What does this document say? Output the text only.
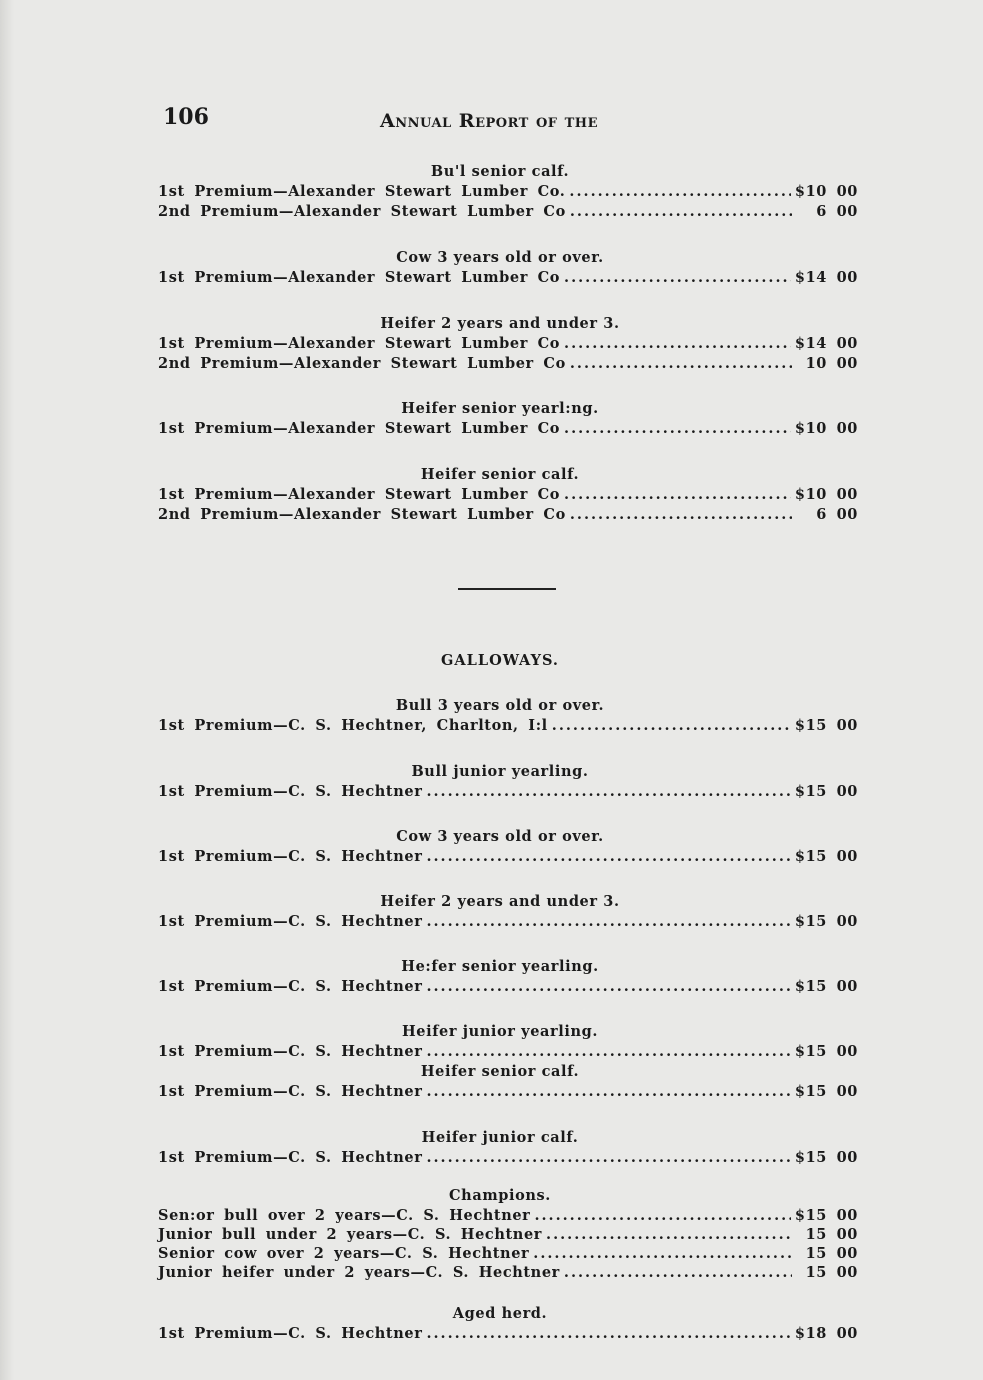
106	Annual Report of the
Bu'l senior calf.
1st Premium—Alexander Stewart Lumber Co. .....	$10 00
2nd Premium—Alexander Stewart Lumber Co .....	6 00
Cow 3 years old or over.
1st Premium—Alexander Stewart Lumber Co .....	$14 00
Heifer 2 years and under 3.
1st Premium—Alexander Stewart Lumber Co .....	$14 00
2nd Premium—Alexander Stewart Lumber Co .....	10 00
Heifer senior yearl:ng.
1st Premium—Alexander Stewart Lumber Co .....	$10 00
Heifer senior calf.
1st Premium—Alexander Stewart Lumber Co .....	$10 00
2nd Premium—Alexander Stewart Lumber Co .....	6 00
GALLOWAYS.
Bull 3 years old or over.
1st Premium—C. S. Hechtner, Charlton, I:l .....	$15 00
Bull junior yearling.
1st Premium—C. S. Hechtner .....	$15 00
Cow 3 years old or over.
1st Premium—C. S. Hechtner .....	$15 00
Heifer 2 years and under 3.
1st Premium—C. S. Hechtner .....	$15 00
He:fer senior yearling.
1st Premium—C. S. Hechtner .....	$15 00
Heifer junior yearling.
1st Premium—C. S. Hechtner .....	$15 00
Heifer senior calf.
1st Premium—C. S. Hechtner .....	$15 00
Heifer junior calf.
1st Premium—C. S. Hechtner .....	$15 00
Champions.
Sen:or bull over 2 years—C. S. Hechtner .....	$15 00
Junior bull under 2 years—C. S. Hechtner .....	15 00
Senior cow over 2 years—C. S. Hechtner .....	15 00
Junior heifer under 2 years—C. S. Hechtner .....	15 00
Aged herd.
1st Premium—C. S. Hechtner .....	$18 00
